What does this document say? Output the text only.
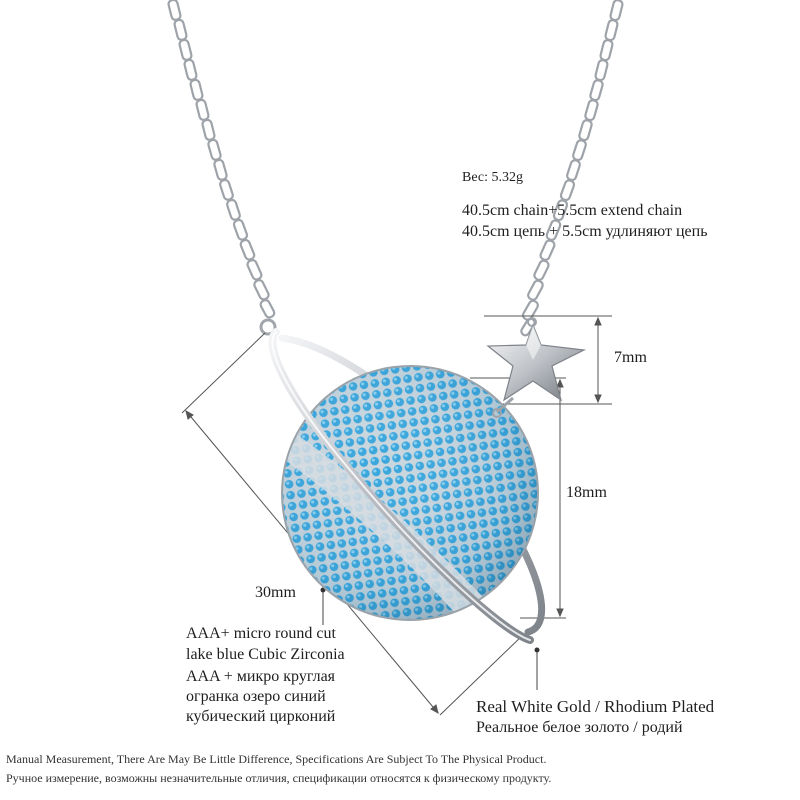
Вес: 5.32g
40.5cm chain+5.5cm extend chain
40.5cm цепь + 5.5cm удлиняют цепь
7mm
18mm
30mm
AAA+ micro round cut
lake blue Cubic Zirconia
AAA + микро круглая
огранка озеро синий
кубический цирконий
Real White Gold / Rhodium Plated
Реальное белое золото / родий
Manual Measurement, There Are May Be Little Difference, Specifications Are Subject To The Physical Product.
Ручное измерение, возможны незначительные отличия, спецификации относятся к физическому продукту.
